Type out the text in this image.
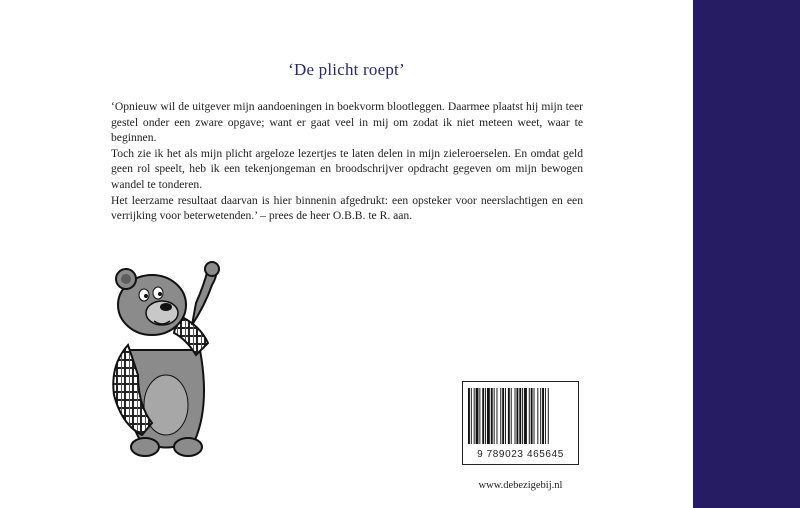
‘De plicht roept’

‘Opnieuw wil de uitgever mijn aandoeningen in boekvorm blootleggen. Daarmee plaatst hij mijn teer gestel onder een zware opgave; want er gaat veel in mij om zodat ik niet meteen weet, waar te beginnen.

Toch zie ik het als mijn plicht argeloze lezertjes te laten delen in mijn zieleroerselen. En omdat geld geen rol speelt, heb ik een tekenjongeman en broodschrijver opdracht gegeven om mijn bewogen wandel te tonderen.

Het leerzame resultaat daarvan is hier binnenin afgedrukt: een opsteker voor neerslachtigen en een verrijking voor beterwetenden.’ – prees de heer O.B.B. te R. aan.

9 789023 465645
www.debezigebij.nl
